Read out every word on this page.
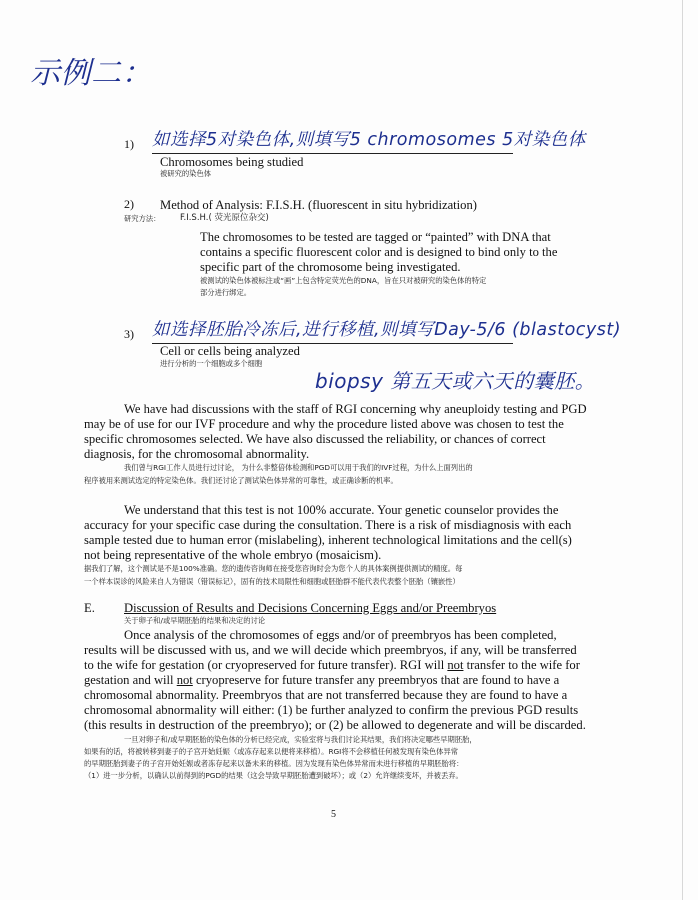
示例二：
1) 如选择5对染色体,则填写5 chromosomes 5对染色体
Chromosomes being studied
被研究的染色体
2) Method of Analysis: F.I.S.H. (fluorescent in situ hybridization)
研究方法： F.I.S.H.( 荧光原位杂交)
The chromosomes to be tested are tagged or “painted” with DNA that
contains a specific fluorescent color and is designed to bind only to the
specific part of the chromosome being investigated.
被测试的染色体被标注或“画”上包含特定荧光色的DNA，旨在只对被研究的染色体的特定
部分进行绑定。
3) 如选择胚胎冷冻后,进行移植,则填写Day-5/6 (blastocyst)
Cell or cells being analyzed
进行分析的一个细胞或多个细胞
biopsy 第五天或六天的囊胚。
We have had discussions with the staff of RGI concerning why aneuploidy testing and PGD
may be of use for our IVF procedure and why the procedure listed above was chosen to test the
specific chromosomes selected. We have also discussed the reliability, or chances of correct
diagnosis, for the chromosomal abnormality.
我们曾与RGI工作人员进行过讨论， 为什么非整倍体检测和PGD可以用于我们的IVF过程，为什么上面列出的
程序被用来测试选定的特定染色体。我们还讨论了测试染色体异常的可靠性，或正确诊断的机率。
We understand that this test is not 100% accurate. Your genetic counselor provides the
accuracy for your specific case during the consultation. There is a risk of misdiagnosis with each
sample tested due to human error (mislabeling), inherent technological limitations and the cell(s)
not being representative of the whole embryo (mosaicism).
据我们了解，这个测试是不是100%准确。您的遗传咨询师在接受您咨询时会为您个人的具体案例提供测试的精度。每
一个样本误诊的风险来自人为错误（错误标记），固有的技术局限性和细胞或胚胎群不能代表代表整个胚胎（镶嵌性）
E. Discussion of Results and Decisions Concerning Eggs and/or Preembryos
关于卵子和/或早期胚胎的结果和决定的讨论
Once analysis of the chromosomes of eggs and/or of preembryos has been completed,
results will be discussed with us, and we will decide which preembryos, if any, will be transferred
to the wife for gestation (or cryopreserved for future transfer). RGI will not transfer to the wife for
gestation and will not cryopreserve for future transfer any preembryos that are found to have a
chromosomal abnormality. Preembryos that are not transferred because they are found to have a
chromosomal abnormality will either: (1) be further analyzed to confirm the previous PGD results
(this results in destruction of the preembryo); or (2) be allowed to degenerate and will be discarded.
一旦对卵子和/或早期胚胎的染色体的分析已经完成，实验室将与我们讨论其结果，我们将决定哪些早期胚胎，
如果有的话，将被转移到妻子的子宫开始妊娠（或冻存起来以便将来移植）。RGI将不会移植任何被发现有染色体异常
的早期胚胎到妻子的子宫开始妊娠或者冻存起来以备未来的移植。因为发现有染色体异常而未进行移植的早期胚胎将：
（1）进一步分析，以确认以前得到的PGD的结果（这会导致早期胚胎遭到破坏）；或（2）允许继续变坏，并被丢弃。
5
